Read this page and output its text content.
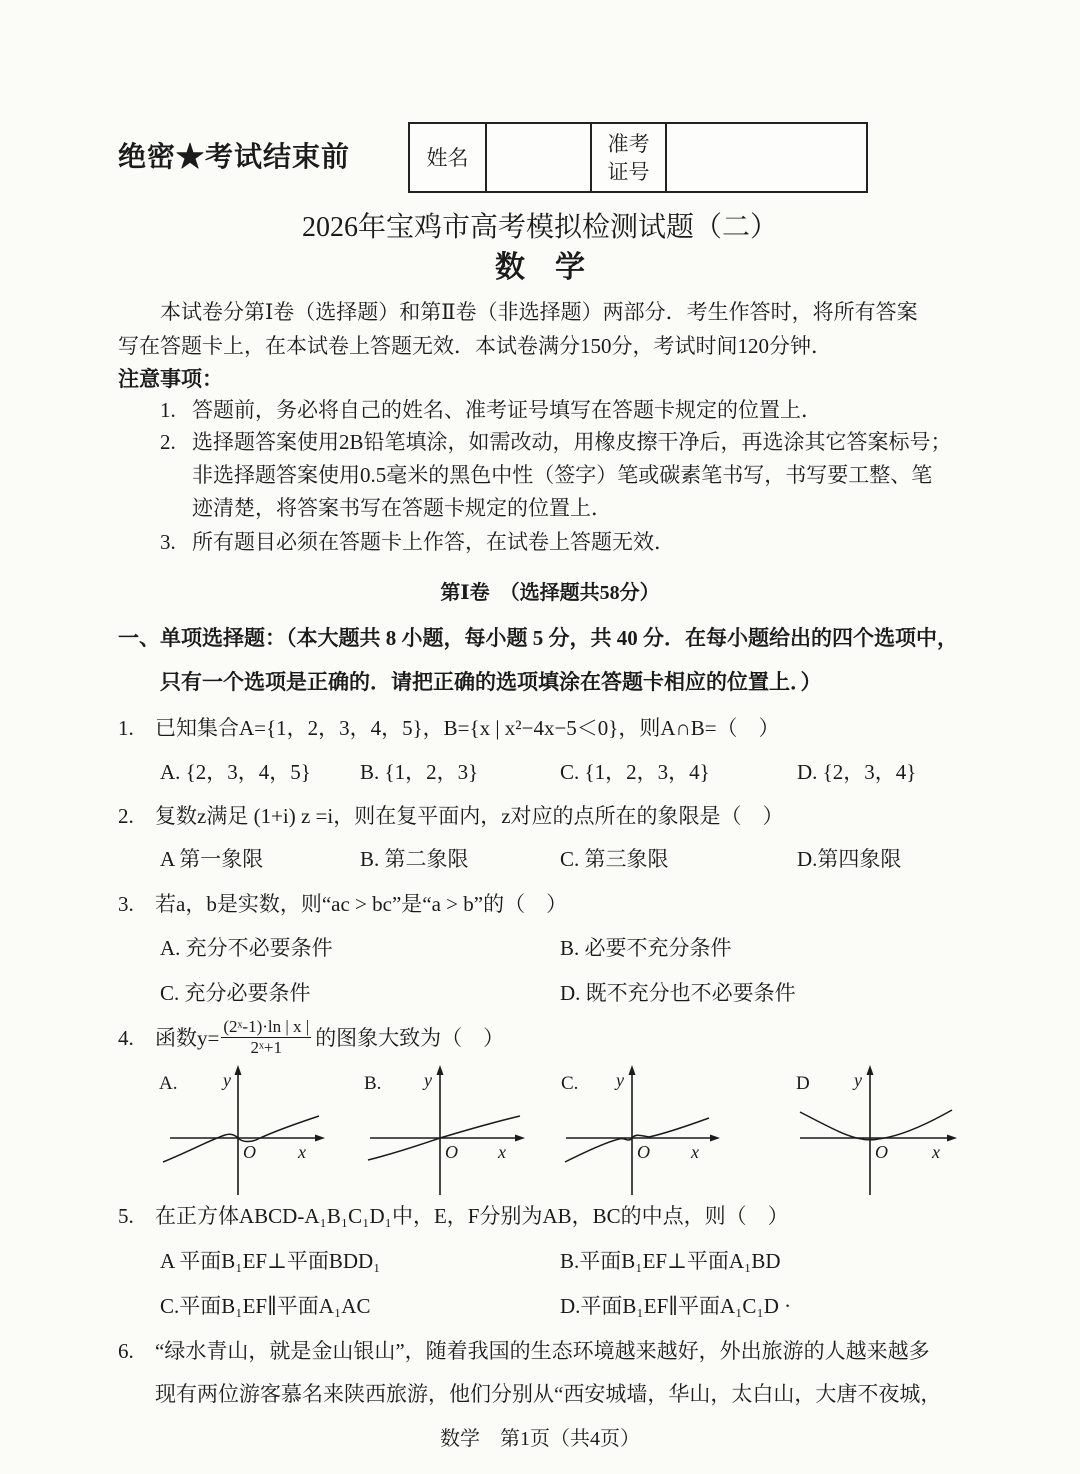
绝密★考试结束前	姓名
准考
证号
2026年宝鸡市高考模拟检测试题（二）
数　学
本试卷分第Ⅰ卷（选择题）和第Ⅱ卷（非选择题）两部分．考生作答时，将所有答案
写在答题卡上，在本试卷上答题无效．本试卷满分150分，考试时间120分钟．
注意事项：
1. 答题前，务必将自己的姓名、准考证号填写在答题卡规定的位置上．
2. 选择题答案使用2B铅笔填涂，如需改动，用橡皮擦干净后，再选涂其它答案标号；
非选择题答案使用0.5毫米的黑色中性（签字）笔或碳素笔书写，书写要工整、笔
迹清楚，将答案书写在答题卡规定的位置上．
3. 所有题目必须在答题卡上作答，在试卷上答题无效．
第Ⅰ卷　（选择题共58分）
一、单项选择题：（本大题共 8 小题，每小题 5 分，共 40 分．在每小题给出的四个选项中，
只有一个选项是正确的．请把正确的选项填涂在答题卡相应的位置上．）
1. 已知集合A={1，2，3，4，5}，B={x | x²−4x−5＜0}，则A∩B=（　）
A. {2，3，4，5} B. {1，2，3}	C. {1，2，3，4}	D. {2，3，4}
2. 复数z满足 (1+i) z =i，则在复平面内，z对应的点所在的象限是（　）
A 第一象限	B. 第二象限	C. 第三象限	D.第四象限
3. 若a，b是实数，则“ac > bc”是“a > b”的（　）
A. 充分不必要条件	B. 必要不充分条件
C. 充分必要条件	D. 既不充分也不必要条件
4. 函数$y= \frac{\text{(2ˣ-1)·ln | x |}}{\text{2ˣ+1}}$ 的图象大致为（　）
A.	y
O x
B. y
O x
C. y
O x
D y
O x
5. 在正方体ABCD-A₁B₁C₁D₁中，E，F分别为AB，BC的中点，则（　）
A 平面B₁EF⊥平面BDD₁	B.平面B₁EF⊥平面A₁BD
C.平面B₁EF∥平面A₁AC	D.平面B₁EF∥平面A₁C₁D ·
6. “绿水青山，就是金山银山”，随着我国的生态环境越来越好，外出旅游的人越来越多
现有两位游客慕名来陕西旅游，他们分别从“西安城墙，华山，太白山，大唐不夜城，
数学　第1页（共4页）
